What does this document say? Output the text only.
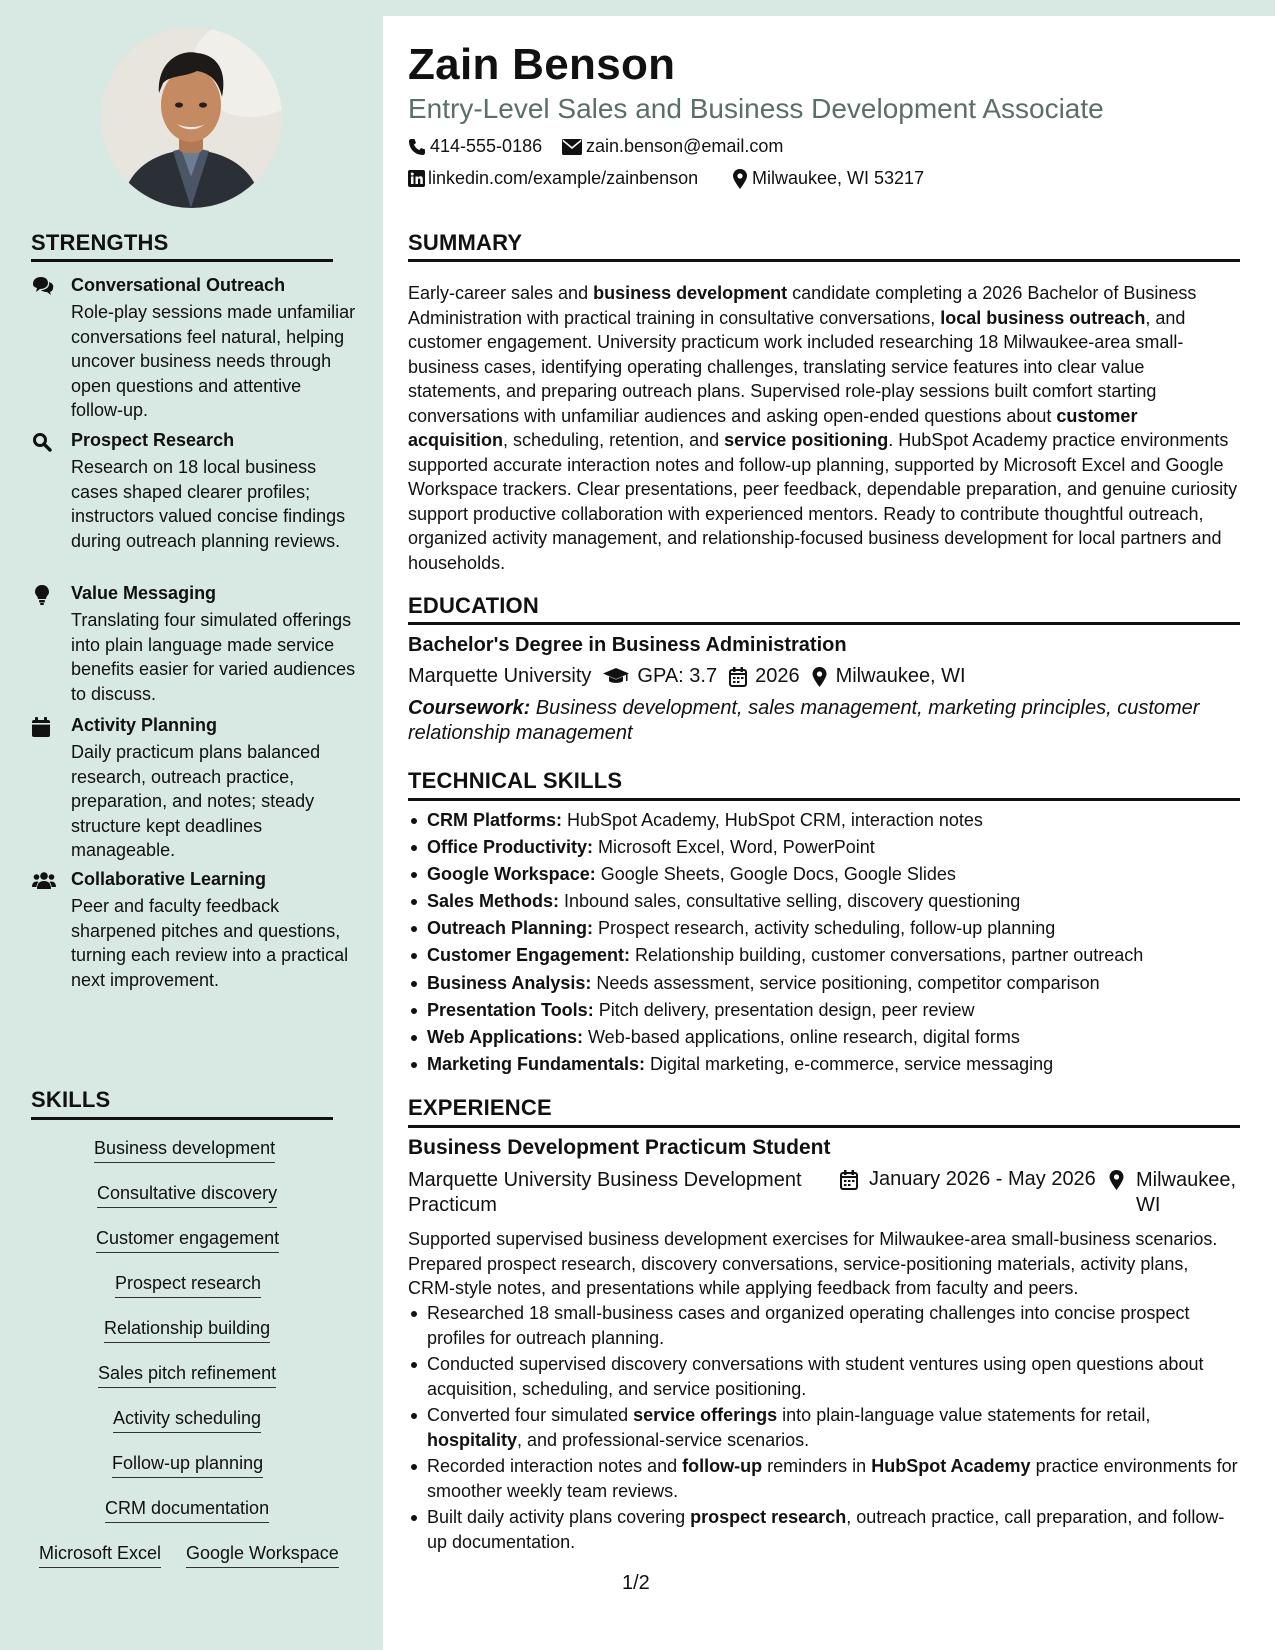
STRENGTHS
Conversational Outreach
Role-play sessions made unfamiliar conversations feel natural, helping uncover business needs through open questions and attentive follow-up.
Prospect Research
Research on 18 local business cases shaped clearer profiles; instructors valued concise findings during outreach planning reviews.
Value Messaging
Translating four simulated offerings into plain language made service benefits easier for varied audiences to discuss.
Activity Planning
Daily practicum plans balanced research, outreach practice, preparation, and notes; steady structure kept deadlines manageable.
Collaborative Learning
Peer and faculty feedback sharpened pitches and questions, turning each review into a practical next improvement.
SKILLS
Business development
Consultative discovery
Customer engagement
Prospect research
Relationship building
Sales pitch refinement
Activity scheduling
Follow-up planning
CRM documentation
Microsoft Excel Google Workspace
Zain Benson
Entry-Level Sales and Business Development Associate
414-555-0186 zain.benson@email.com
linkedin.com/example/zainbenson	Milwaukee, WI 53217
SUMMARY
Early-career sales and business development candidate completing a 2026 Bachelor of Business Administration with practical training in consultative conversations, local business outreach, and customer engagement. University practicum work included researching 18 Milwaukee-area small-business cases, identifying operating challenges, translating service features into clear value statements, and preparing outreach plans. Supervised role-play sessions built comfort starting conversations with unfamiliar audiences and asking open-ended questions about customer acquisition, scheduling, retention, and service positioning. HubSpot Academy practice environments supported accurate interaction notes and follow-up planning, supported by Microsoft Excel and Google Workspace trackers. Clear presentations, peer feedback, dependable preparation, and genuine curiosity support productive collaboration with experienced mentors. Ready to contribute thoughtful outreach, organized activity management, and relationship-focused business development for local partners and households.
EDUCATION
Bachelor's Degree in Business Administration
Marquette University GPA: 3.7 2026 Milwaukee, WI
Coursework: Business development, sales management, marketing principles, customer relationship management
TECHNICAL SKILLS
CRM Platforms: HubSpot Academy, HubSpot CRM, interaction notes
Office Productivity: Microsoft Excel, Word, PowerPoint
Google Workspace: Google Sheets, Google Docs, Google Slides
Sales Methods: Inbound sales, consultative selling, discovery questioning
Outreach Planning: Prospect research, activity scheduling, follow-up planning
Customer Engagement: Relationship building, customer conversations, partner outreach
Business Analysis: Needs assessment, service positioning, competitor comparison
Presentation Tools: Pitch delivery, presentation design, peer review
Web Applications: Web-based applications, online research, digital forms
Marketing Fundamentals: Digital marketing, e-commerce, service messaging
EXPERIENCE
Business Development Practicum Student
Marquette University Business Development Practicum
January 2026 - May 2026	Milwaukee, WI
Supported supervised business development exercises for Milwaukee-area small-business scenarios. Prepared prospect research, discovery conversations, service-positioning materials, activity plans, CRM-style notes, and presentations while applying feedback from faculty and peers.
Researched 18 small-business cases and organized operating challenges into concise prospect profiles for outreach planning.
Conducted supervised discovery conversations with student ventures using open questions about acquisition, scheduling, and service positioning.
Converted four simulated service offerings into plain-language value statements for retail, hospitality, and professional-service scenarios.
Recorded interaction notes and follow-up reminders in HubSpot Academy practice environments for smoother weekly team reviews.
Built daily activity plans covering prospect research, outreach practice, call preparation, and follow-up documentation.
1/2
